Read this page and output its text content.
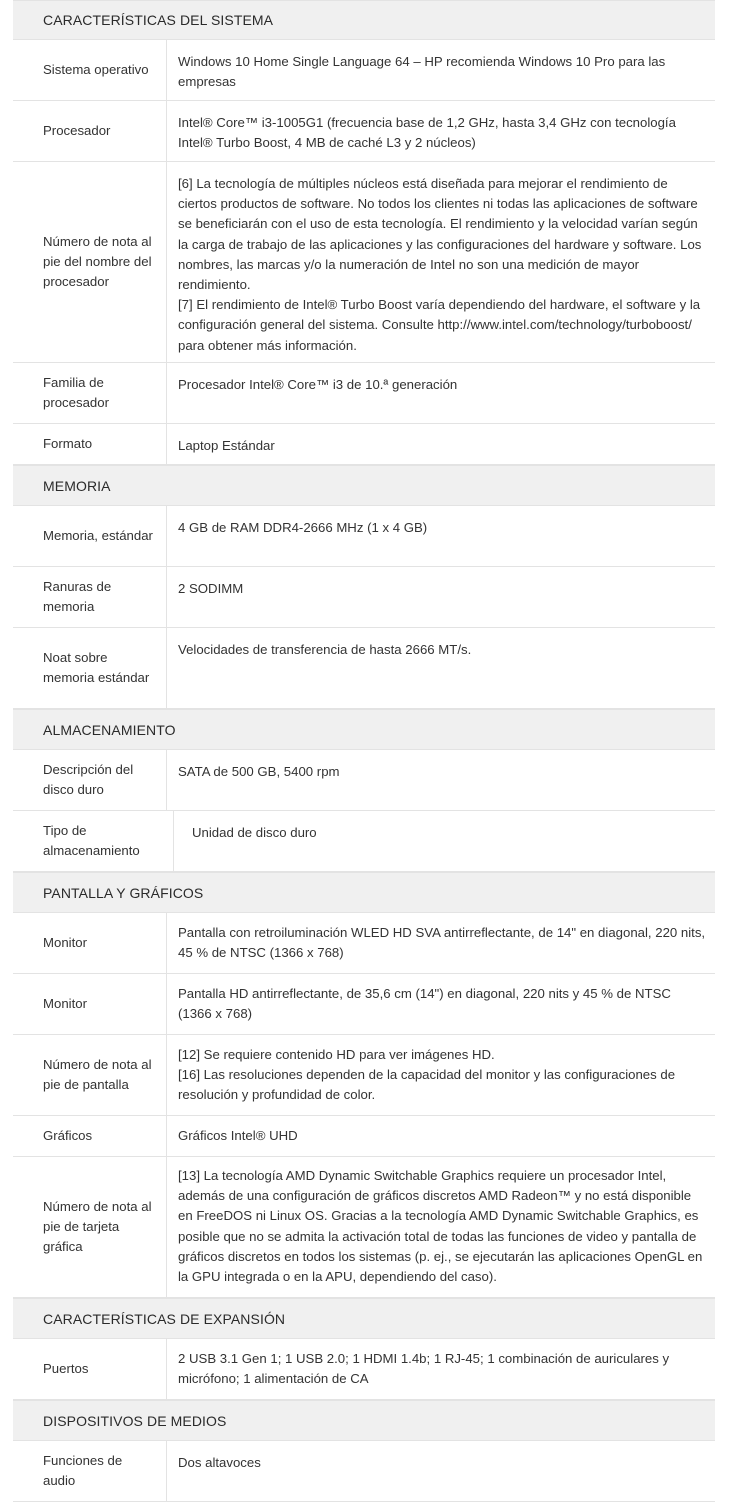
CARACTERÍSTICAS DEL SISTEMA
Sistema operativo

Windows 10 Home Single Language 64 – HP recomienda Windows 10 Pro para las empresas

Procesador

Intel® Core™ i3-1005G1 (frecuencia base de 1,2 GHz, hasta 3,4 GHz con tecnología Intel® Turbo Boost, 4 MB de caché L3 y 2 núcleos)

Número de nota al pie del nombre del procesador

[6] La tecnología de múltiples núcleos está diseñada para mejorar el rendimiento de ciertos productos de software. No todos los clientes ni todas las aplicaciones de software se beneficiarán con el uso de esta tecnología. El rendimiento y la velocidad varían según la carga de trabajo de las aplicaciones y las configuraciones del hardware y software. Los nombres, las marcas y/o la numeración de Intel no son una medición de mayor rendimiento.

[7] El rendimiento de Intel® Turbo Boost varía dependiendo del hardware, el software y la configuración general del sistema. Consulte http://www.intel.com/technology/turboboost/ para obtener más información.

Familia de procesador

Procesador Intel® Core™ i3 de 10.ª generación

Formato	Laptop Estándar

MEMORIA
Memoria, estándar

4 GB de RAM DDR4-2666 MHz (1 x 4 GB)

Ranuras de memoria

2 SODIMM

Noat sobre memoria estándar

Velocidades de transferencia de hasta 2666 MT/s.

ALMACENAMIENTO
Descripción del disco duro

SATA de 500 GB, 5400 rpm

Tipo de almacenamiento

Unidad de disco duro

PANTALLA Y GRÁFICOS
Monitor

Pantalla con retroiluminación WLED HD SVA antirreflectante, de 14" en diagonal, 220 nits, 45 % de NTSC (1366 x 768)

Monitor

Pantalla HD antirreflectante, de 35,6 cm (14") en diagonal, 220 nits y 45 % de NTSC (1366 x 768)

Número de nota al pie de pantalla

[12] Se requiere contenido HD para ver imágenes HD.

[16] Las resoluciones dependen de la capacidad del monitor y las configuraciones de resolución y profundidad de color.

Gráficos	Gráficos Intel® UHD

Número de nota al pie de tarjeta gráfica

[13] La tecnología AMD Dynamic Switchable Graphics requiere un procesador Intel, además de una configuración de gráficos discretos AMD Radeon™ y no está disponible en FreeDOS ni Linux OS. Gracias a la tecnología AMD Dynamic Switchable Graphics, es posible que no se admita la activación total de todas las funciones de video y pantalla de gráficos discretos en todos los sistemas (p. ej., se ejecutarán las aplicaciones OpenGL en la GPU integrada o en la APU, dependiendo del caso).

CARACTERÍSTICAS DE EXPANSIÓN
Puertos

2 USB 3.1 Gen 1; 1 USB 2.0; 1 HDMI 1.4b; 1 RJ-45; 1 combinación de auriculares y micrófono; 1 alimentación de CA

DISPOSITIVOS DE MEDIOS
Funciones de audio

Dos altavoces
